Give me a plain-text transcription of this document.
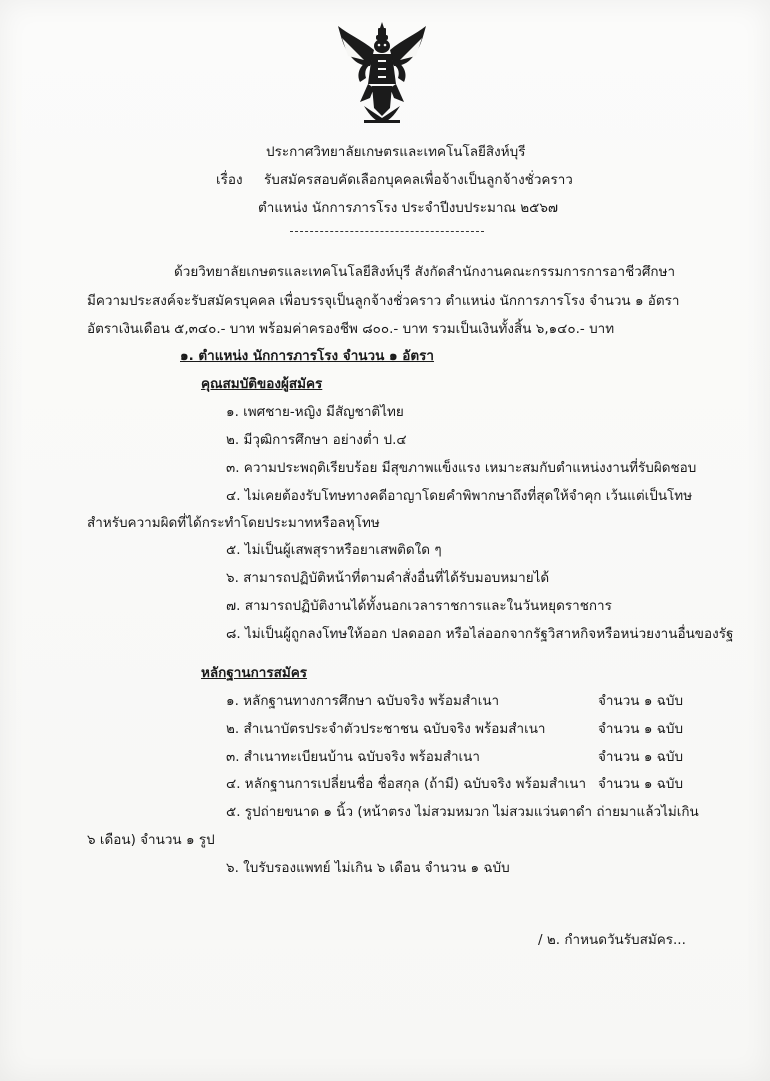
ประกาศวิทยาลัยเกษตรและเทคโนโลยีสิงห์บุรี
เรื่อง รับสมัครสอบคัดเลือกบุคคลเพื่อจ้างเป็นลูกจ้างชั่วคราว
ตำแหน่ง นักการภารโรง ประจำปีงบประมาณ ๒๕๖๗
ด้วยวิทยาลัยเกษตรและเทคโนโลยีสิงห์บุรี สังกัดสำนักงานคณะกรรมการการอาชีวศึกษา
มีความประสงค์จะรับสมัครบุคคล เพื่อบรรจุเป็นลูกจ้างชั่วคราว ตำแหน่ง นักการภารโรง จำนวน ๑ อัตรา
อัตราเงินเดือน ๕,๓๔๐.- บาท พร้อมค่าครองชีพ ๘๐๐.- บาท รวมเป็นเงินทั้งสิ้น ๖,๑๔๐.- บาท
๑. ตำแหน่ง นักการภารโรง จำนวน ๑ อัตรา
คุณสมบัติของผู้สมัคร
๑. เพศชาย-หญิง มีสัญชาติไทย
๒. มีวุฒิการศึกษา อย่างต่ำ ป.๔
๓. ความประพฤติเรียบร้อย มีสุขภาพแข็งแรง เหมาะสมกับตำแหน่งงานที่รับผิดชอบ
๔. ไม่เคยต้องรับโทษทางคดีอาญาโดยคำพิพากษาถึงที่สุดให้จำคุก เว้นแต่เป็นโทษ
สำหรับความผิดที่ได้กระทำโดยประมาทหรือลหุโทษ
๕. ไม่เป็นผู้เสพสุราหรือยาเสพติดใด ๆ
๖. สามารถปฏิบัติหน้าที่ตามคำสั่งอื่นที่ได้รับมอบหมายได้
๗. สามารถปฏิบัติงานได้ทั้งนอกเวลาราชการและในวันหยุดราชการ
๘. ไม่เป็นผู้ถูกลงโทษให้ออก ปลดออก หรือไล่ออกจากรัฐวิสาหกิจหรือหน่วยงานอื่นของรัฐ
หลักฐานการสมัคร
๑. หลักฐานทางการศึกษา ฉบับจริง พร้อมสำเนา	จำนวน ๑ ฉบับ
๒. สำเนาบัตรประจำตัวประชาชน ฉบับจริง พร้อมสำเนา	จำนวน ๑ ฉบับ
๓. สำเนาทะเบียนบ้าน ฉบับจริง พร้อมสำเนา	จำนวน ๑ ฉบับ
๔. หลักฐานการเปลี่ยนชื่อ ชื่อสกุล (ถ้ามี) ฉบับจริง พร้อมสำเนา จำนวน ๑ ฉบับ
๕. รูปถ่ายขนาด ๑ นิ้ว (หน้าตรง ไม่สวมหมวก ไม่สวมแว่นตาดำ ถ่ายมาแล้วไม่เกิน
๖ เดือน) จำนวน ๑ รูป
๖. ใบรับรองแพทย์ ไม่เกิน ๖ เดือน จำนวน ๑ ฉบับ
/ ๒. กำหนดวันรับสมัคร...
